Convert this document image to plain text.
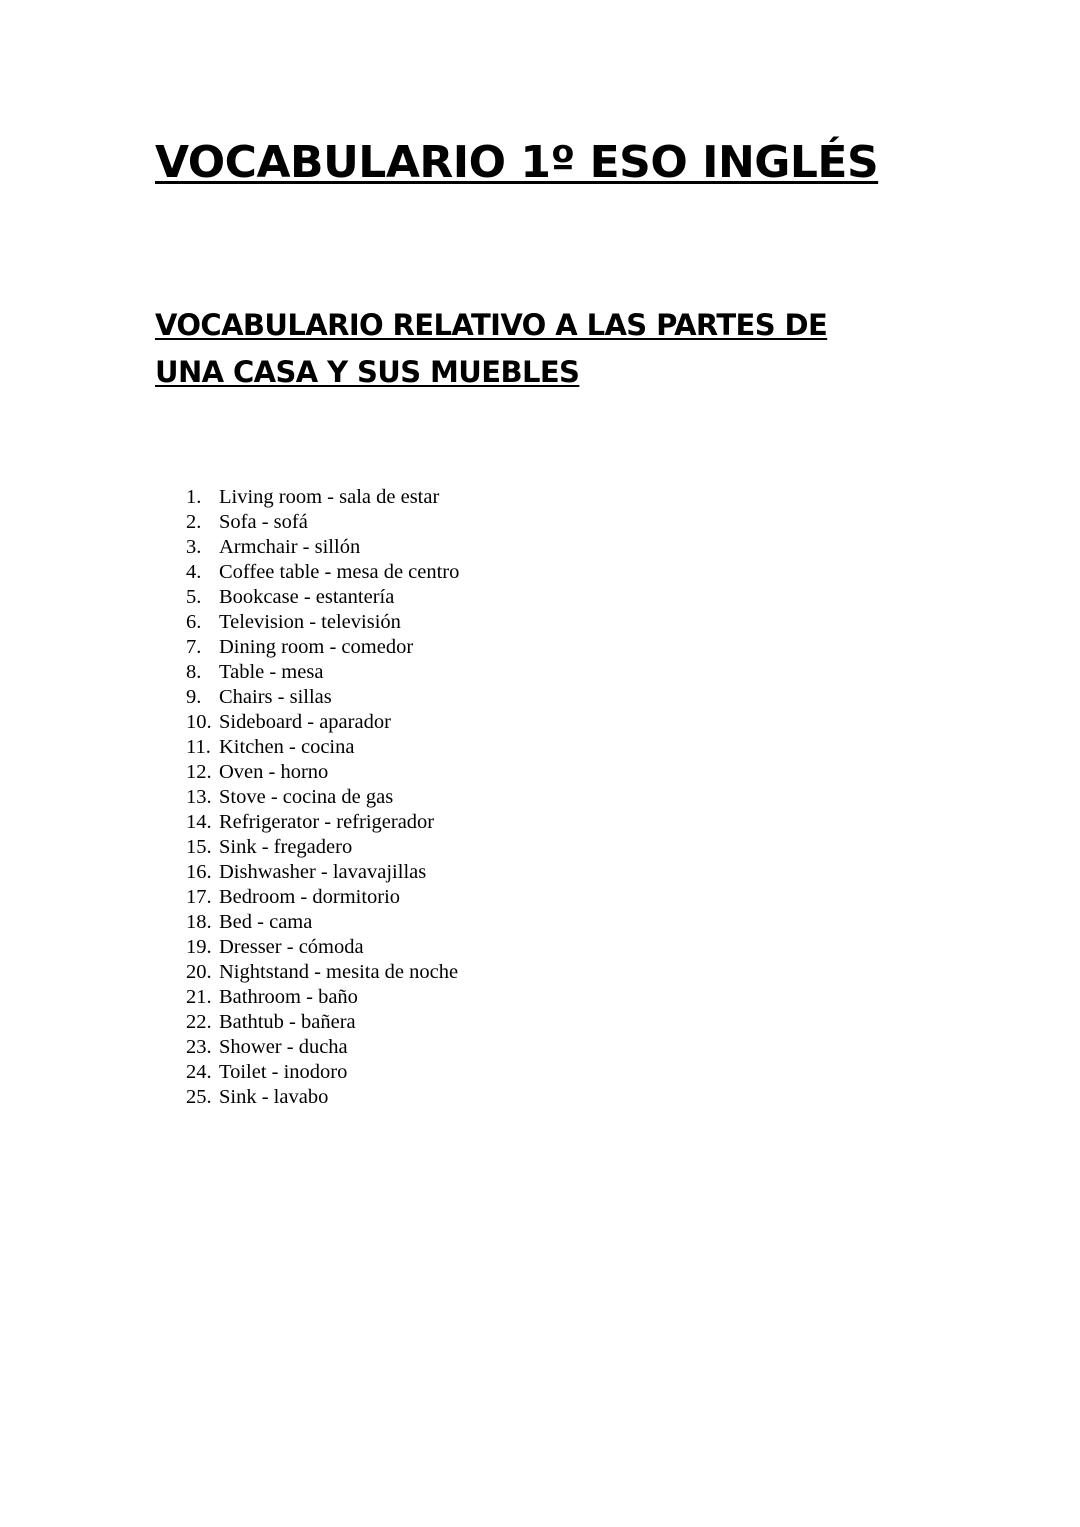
VOCABULARIO 1º ESO INGLÉS
VOCABULARIO RELATIVO A LAS PARTES DE UNA CASA Y SUS MUEBLES
1. Living room - sala de estar
2. Sofa - sofá
3. Armchair - sillón
4. Coffee table - mesa de centro
5. Bookcase - estantería
6. Television - televisión
7. Dining room - comedor
8. Table - mesa
9. Chairs - sillas
10. Sideboard - aparador
11. Kitchen - cocina
12. Oven - horno
13. Stove - cocina de gas
14. Refrigerator - refrigerador
15. Sink - fregadero
16. Dishwasher - lavavajillas
17. Bedroom - dormitorio
18. Bed - cama
19. Dresser - cómoda
20. Nightstand - mesita de noche
21. Bathroom - baño
22. Bathtub - bañera
23. Shower - ducha
24. Toilet - inodoro
25. Sink - lavabo
